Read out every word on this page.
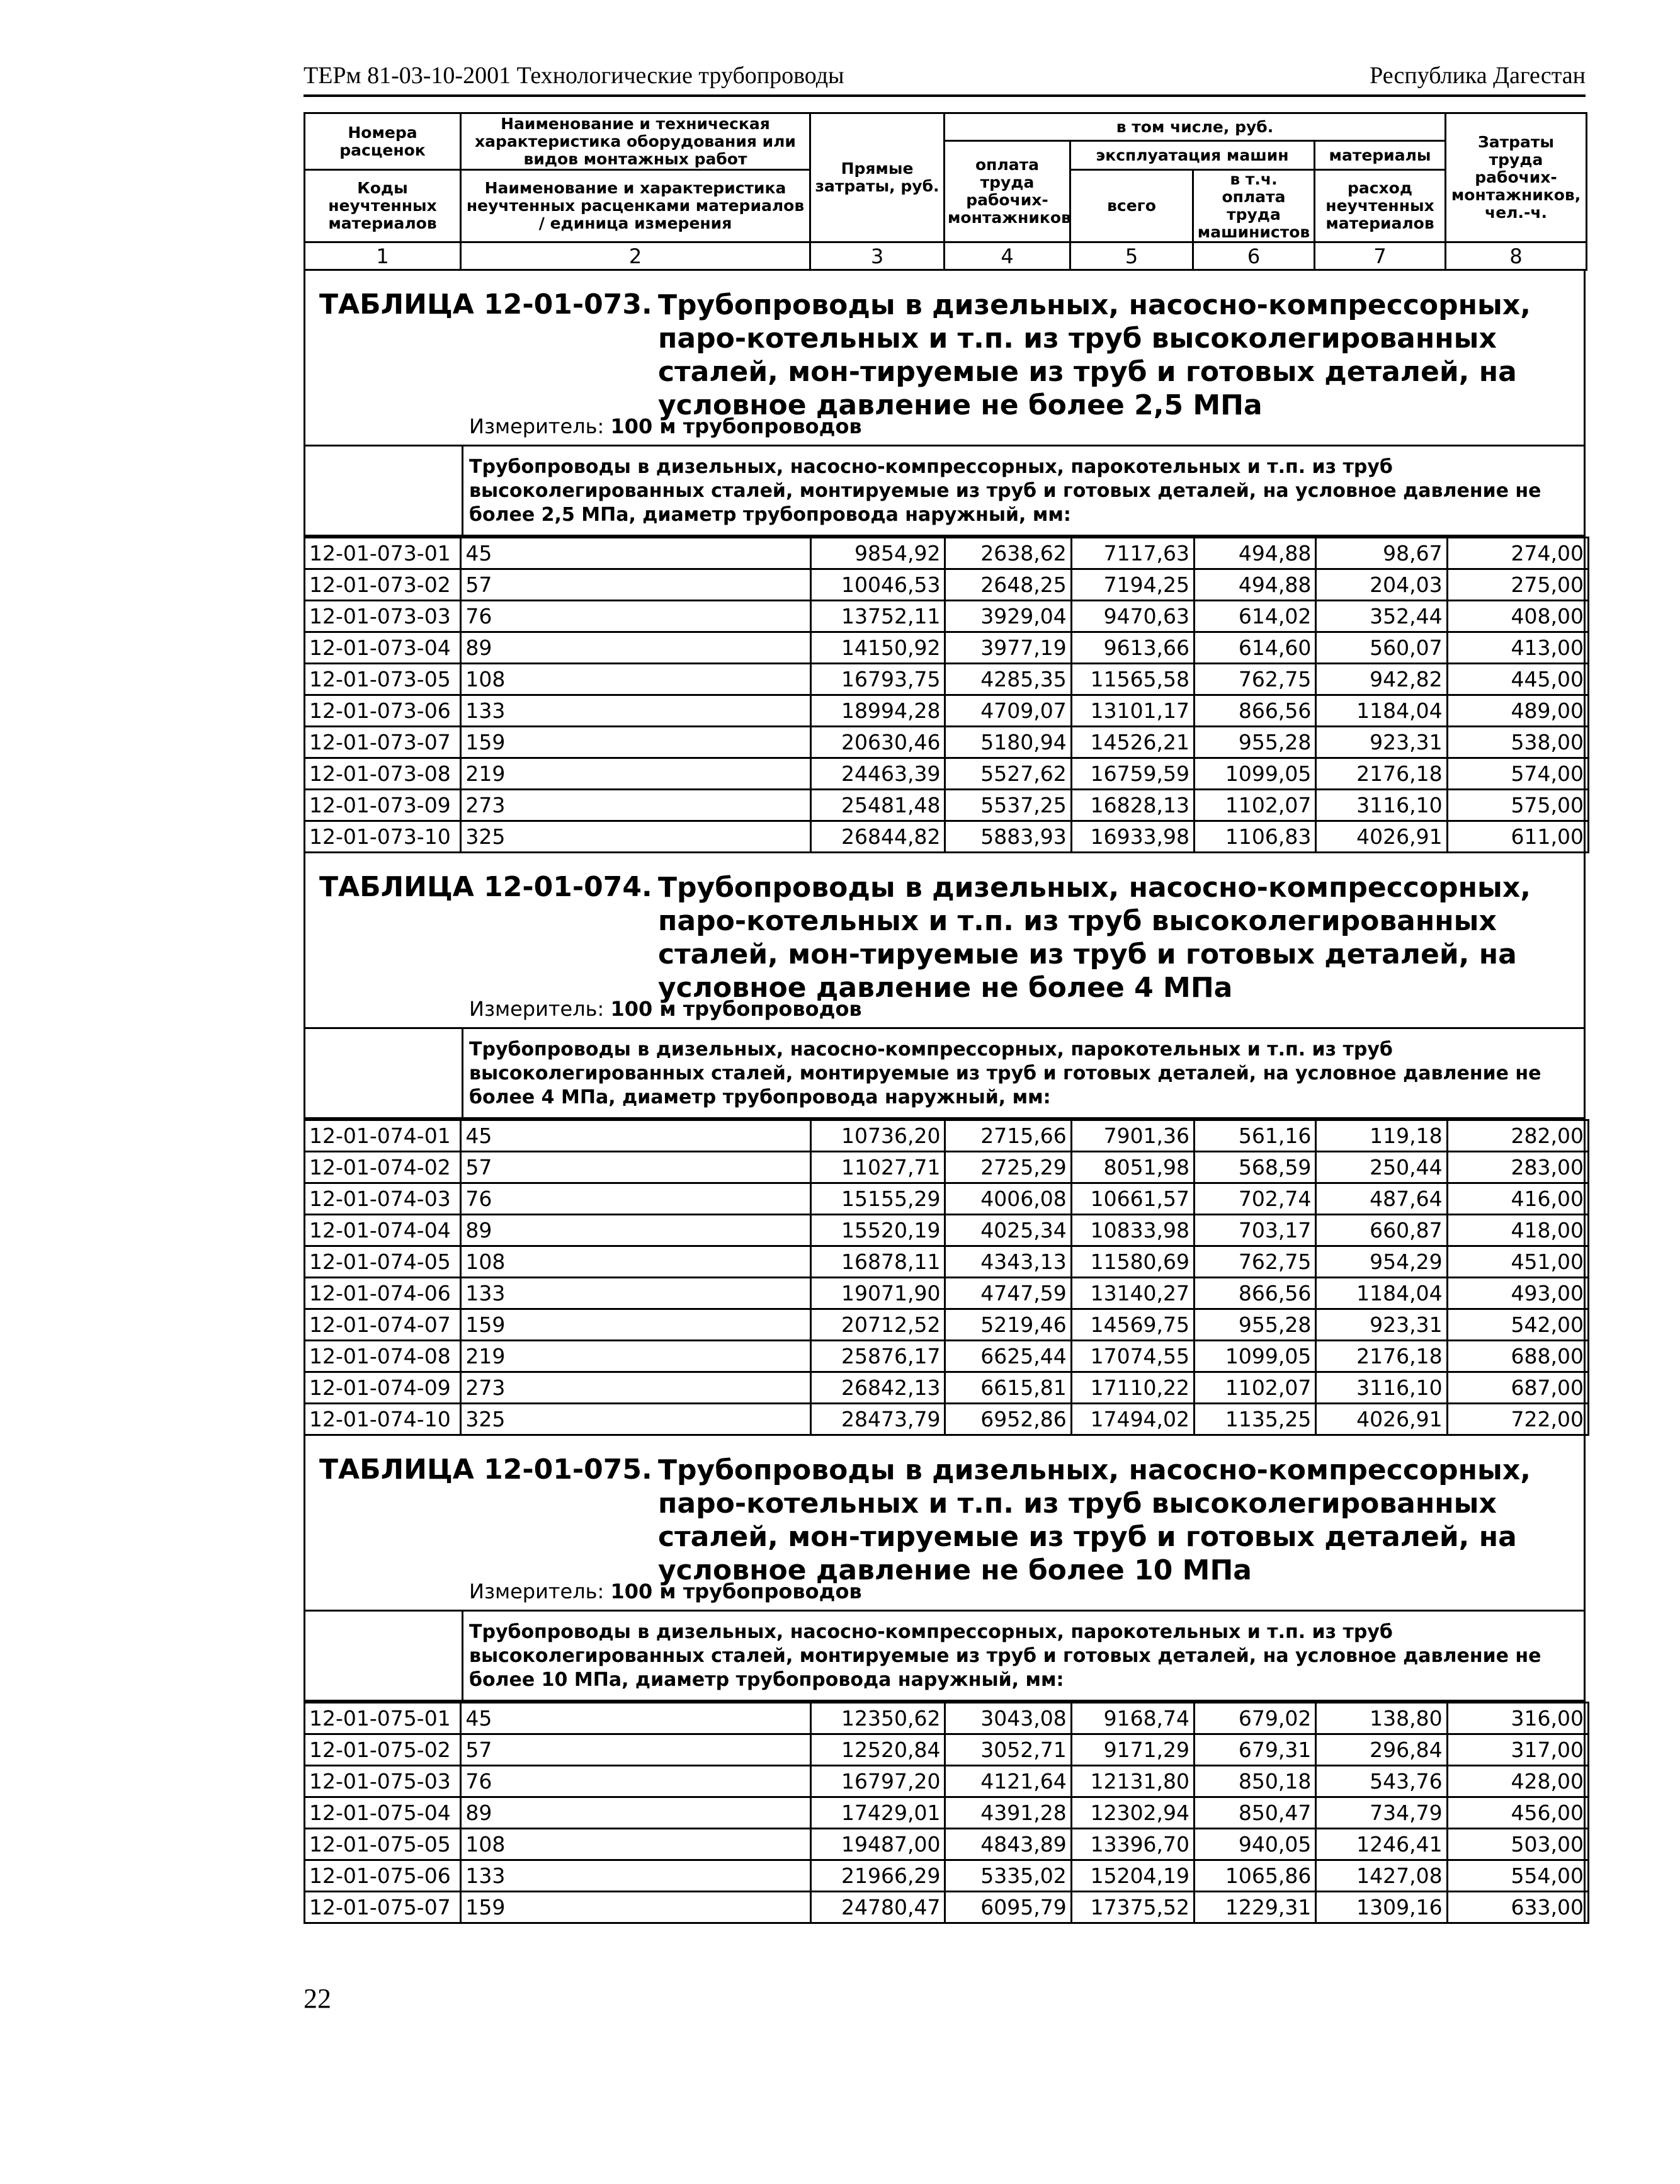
ТЕРм 81-03-10-2001 Технологические трубопроводы	Республика Дагестан
Номера расценок	Наименование и техническая характеристика оборудования или видов монтажных работ	Прямые затраты, руб.	в том числе, руб.				Затраты труда рабочих-монтажников, чел.-ч.
			оплата труда рабочих-монтажников	эксплуатация машин		материалы	

Коды неучтенных материалов	Наименование и характеристика неучтенных расценками материалов / единица измерения			всего	в т.ч. оплата труда машинистов	расход неучтенных материалов	

1	2	3	4	5	6	7	8
ТАБЛИЦА 12-01-073. Трубопроводы в дизельных, насосно-компрессорных, паро-котельных и т.п. из труб высоколегированных сталей, мон-тируемые из труб и готовых деталей, на условное давление не более 2,5 МПа
Измеритель: 100 м трубопроводов
Трубопроводы в дизельных, насосно-компрессорных, парокотельных и т.п. из труб высоколегированных сталей, монтируемые из труб и готовых деталей, на условное давление не более 2,5 МПа, диаметр трубопровода наружный, мм:
12-01-073-01	45	9854,92	2638,62	7117,63	494,88	98,67	274,00
12-01-073-02	57	10046,53	2648,25	7194,25	494,88	204,03	275,00
12-01-073-03	76	13752,11	3929,04	9470,63	614,02	352,44	408,00
12-01-073-04	89	14150,92	3977,19	9613,66	614,60	560,07	413,00
12-01-073-05	108	16793,75	4285,35	11565,58	762,75	942,82	445,00
12-01-073-06	133	18994,28	4709,07	13101,17	866,56	1184,04	489,00
12-01-073-07	159	20630,46	5180,94	14526,21	955,28	923,31	538,00
12-01-073-08	219	24463,39	5527,62	16759,59	1099,05	2176,18	574,00
12-01-073-09	273	25481,48	5537,25	16828,13	1102,07	3116,10	575,00
12-01-073-10	325	26844,82	5883,93	16933,98	1106,83	4026,91	611,00
ТАБЛИЦА 12-01-074. Трубопроводы в дизельных, насосно-компрессорных, паро-котельных и т.п. из труб высоколегированных сталей, мон-тируемые из труб и готовых деталей, на условное давление не более 4 МПа
Измеритель: 100 м трубопроводов
Трубопроводы в дизельных, насосно-компрессорных, парокотельных и т.п. из труб высоколегированных сталей, монтируемые из труб и готовых деталей, на условное давление не более 4 МПа, диаметр трубопровода наружный, мм:
12-01-074-01	45	10736,20	2715,66	7901,36	561,16	119,18	282,00
12-01-074-02	57	11027,71	2725,29	8051,98	568,59	250,44	283,00
12-01-074-03	76	15155,29	4006,08	10661,57	702,74	487,64	416,00
12-01-074-04	89	15520,19	4025,34	10833,98	703,17	660,87	418,00
12-01-074-05	108	16878,11	4343,13	11580,69	762,75	954,29	451,00
12-01-074-06	133	19071,90	4747,59	13140,27	866,56	1184,04	493,00
12-01-074-07	159	20712,52	5219,46	14569,75	955,28	923,31	542,00
12-01-074-08	219	25876,17	6625,44	17074,55	1099,05	2176,18	688,00
12-01-074-09	273	26842,13	6615,81	17110,22	1102,07	3116,10	687,00
12-01-074-10	325	28473,79	6952,86	17494,02	1135,25	4026,91	722,00
ТАБЛИЦА 12-01-075. Трубопроводы в дизельных, насосно-компрессорных, паро-котельных и т.п. из труб высоколегированных сталей, мон-тируемые из труб и готовых деталей, на условное давление не более 10 МПа
Измеритель: 100 м трубопроводов
Трубопроводы в дизельных, насосно-компрессорных, парокотельных и т.п. из труб высоколегированных сталей, монтируемые из труб и готовых деталей, на условное давление не более 10 МПа, диаметр трубопровода наружный, мм:
12-01-075-01	45	12350,62	3043,08	9168,74	679,02	138,80	316,00
12-01-075-02	57	12520,84	3052,71	9171,29	679,31	296,84	317,00
12-01-075-03	76	16797,20	4121,64	12131,80	850,18	543,76	428,00
12-01-075-04	89	17429,01	4391,28	12302,94	850,47	734,79	456,00
12-01-075-05	108	19487,00	4843,89	13396,70	940,05	1246,41	503,00
12-01-075-06	133	21966,29	5335,02	15204,19	1065,86	1427,08	554,00
12-01-075-07	159	24780,47	6095,79	17375,52	1229,31	1309,16	633,00
22
